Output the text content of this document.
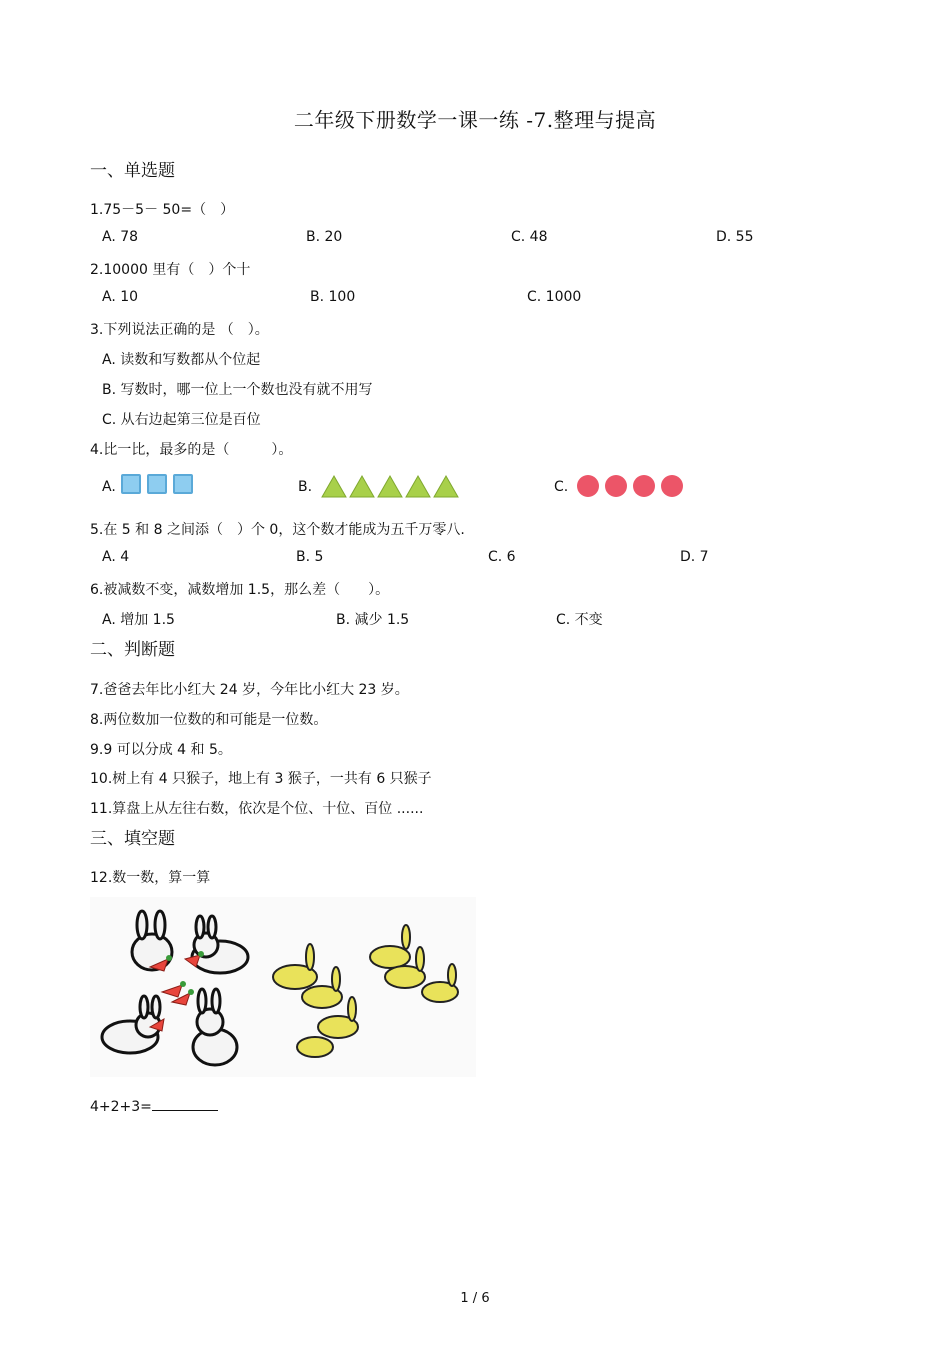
二年级下册数学一课一练 -7.整理与提高
一、单选题
1.75－5－ 50=（　）
A. 78	B. 20	C. 48	D. 55
2.10000 里有（　）个十
A. 10	B. 100	C. 1000
3.下列说法正确的是 （　）。
A. 读数和写数都从个位起
B. 写数时，哪一位上一个数也没有就不用写
C. 从右边起第三位是百位
4.比一比，最多的是（　　　）。
A.	B.	C.
5.在 5 和 8 之间添（　）个 0，这个数才能成为五千万零八.
A. 4	B. 5	C. 6	D. 7
6.被减数不变，减数增加 1.5，那么差（　　）。
A. 增加 1.5	B. 减少 1.5	C. 不变
二、判断题
7.爸爸去年比小红大 24 岁，今年比小红大 23 岁。
8.两位数加一位数的和可能是一位数。
9.9 可以分成 4 和 5。
10.树上有 4 只猴子，地上有 3 猴子，一共有 6 只猴子
11.算盘上从左往右数，依次是个位、十位、百位 ......
三、填空题
12.数一数，算一算
4+2+3=
1 / 6
